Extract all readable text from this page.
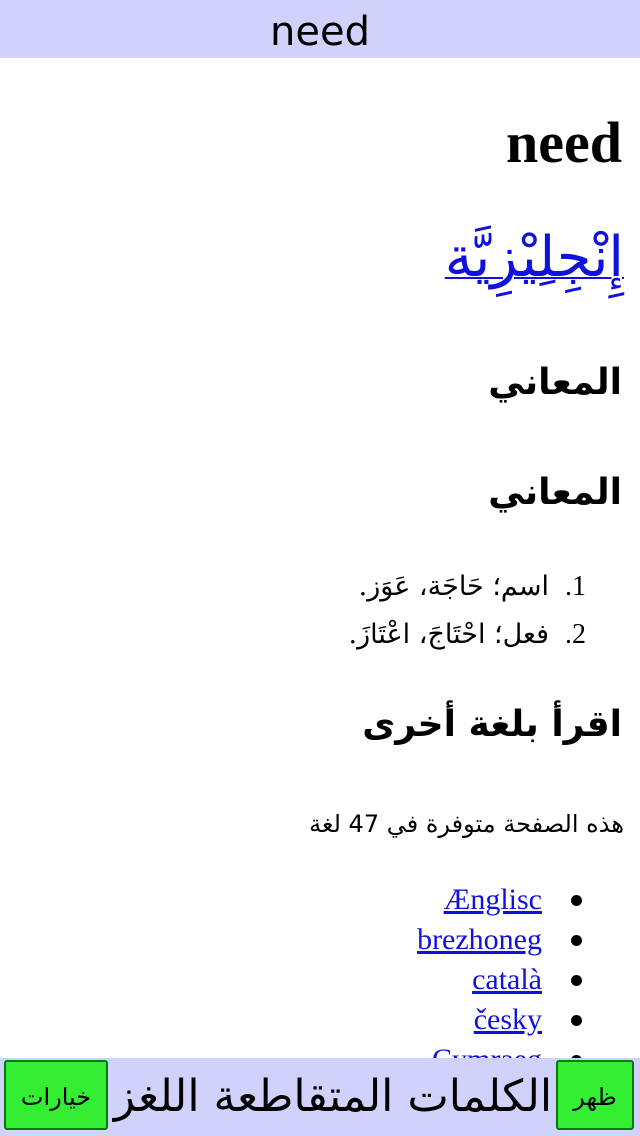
need
need
إِنْجِلِيْزِيَّة
المعاني
المعاني
1.اسم؛ حَاجَة، عَوَز.
2.فعل؛ احْتَاجَ، اعْتَازَ.
اقرأ بلغة أخرى
هذه الصفحة متوفرة في 47 لغة
Ænglisc
brezhoneg
català
česky
خيارات الكلمات المتقاطعة اللغز ظهر
